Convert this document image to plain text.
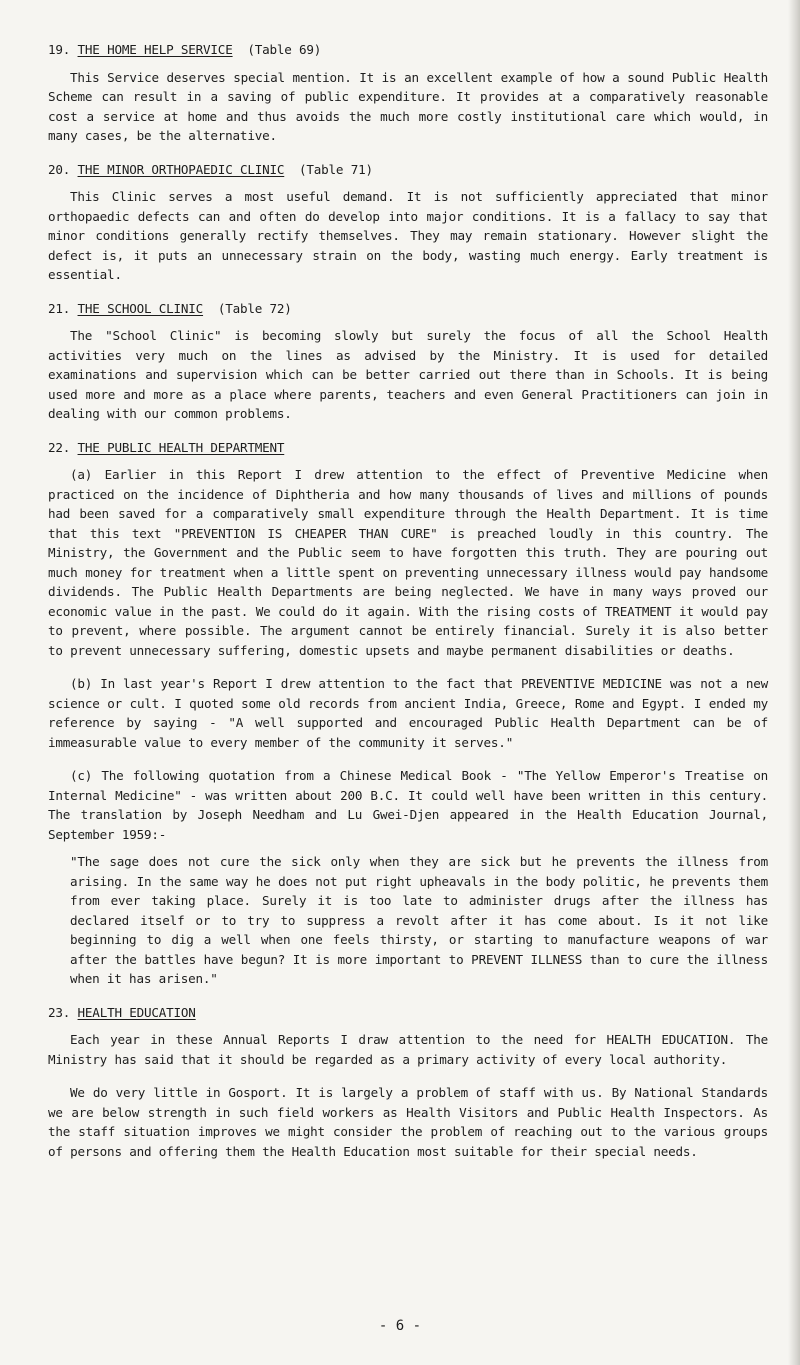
19. THE HOME HELP SERVICE (Table 69)

This Service deserves special mention. It is an excellent example of how a sound Public Health Scheme can result in a saving of public expenditure. It provides at a comparatively reasonable cost a service at home and thus avoids the much more costly institutional care which would, in many cases, be the alternative.

20. THE MINOR ORTHOPAEDIC CLINIC (Table 71)

This Clinic serves a most useful demand. It is not sufficiently appreciated that minor orthopaedic defects can and often do develop into major conditions. It is a fallacy to say that minor conditions generally rectify themselves. They may remain stationary. However slight the defect is, it puts an unnecessary strain on the body, wasting much energy. Early treatment is essential.

21. THE SCHOOL CLINIC (Table 72)

The "School Clinic" is becoming slowly but surely the focus of all the School Health activities very much on the lines as advised by the Ministry. It is used for detailed examinations and supervision which can be better carried out there than in Schools. It is being used more and more as a place where parents, teachers and even General Practitioners can join in dealing with our common problems.

22. THE PUBLIC HEALTH DEPARTMENT

(a) Earlier in this Report I drew attention to the effect of Preventive Medicine when practiced on the incidence of Diphtheria and how many thousands of lives and millions of pounds had been saved for a comparatively small expenditure through the Health Department. It is time that this text "PREVENTION IS CHEAPER THAN CURE" is preached loudly in this country. The Ministry, the Government and the Public seem to have forgotten this truth. They are pouring out much money for treatment when a little spent on preventing unnecessary illness would pay handsome dividends. The Public Health Departments are being neglected. We have in many ways proved our economic value in the past. We could do it again. With the rising costs of TREATMENT it would pay to prevent, where possible. The argument cannot be entirely financial. Surely it is also better to prevent unnecessary suffering, domestic upsets and maybe permanent disabilities or deaths.

(b) In last year's Report I drew attention to the fact that PREVENTIVE MEDICINE was not a new science or cult. I quoted some old records from ancient India, Greece, Rome and Egypt. I ended my reference by saying - "A well supported and encouraged Public Health Department can be of immeasurable value to every member of the community it serves."

(c) The following quotation from a Chinese Medical Book - "The Yellow Emperor's Treatise on Internal Medicine" - was written about 200 B.C. It could well have been written in this century. The translation by Joseph Needham and Lu Gwei-Djen appeared in the Health Education Journal, September 1959:-

"The sage does not cure the sick only when they are sick but he prevents the illness from arising. In the same way he does not put right upheavals in the body politic, he prevents them from ever taking place. Surely it is too late to administer drugs after the illness has declared itself or to try to suppress a revolt after it has come about. Is it not like beginning to dig a well when one feels thirsty, or starting to manufacture weapons of war after the battles have begun? It is more important to PREVENT ILLNESS than to cure the illness when it has arisen."

23. HEALTH EDUCATION

Each year in these Annual Reports I draw attention to the need for HEALTH EDUCATION. The Ministry has said that it should be regarded as a primary activity of every local authority.

We do very little in Gosport. It is largely a problem of staff with us. By National Standards we are below strength in such field workers as Health Visitors and Public Health Inspectors. As the staff situation improves we might consider the problem of reaching out to the various groups of persons and offering them the Health Education most suitable for their special needs.

- 6 -
